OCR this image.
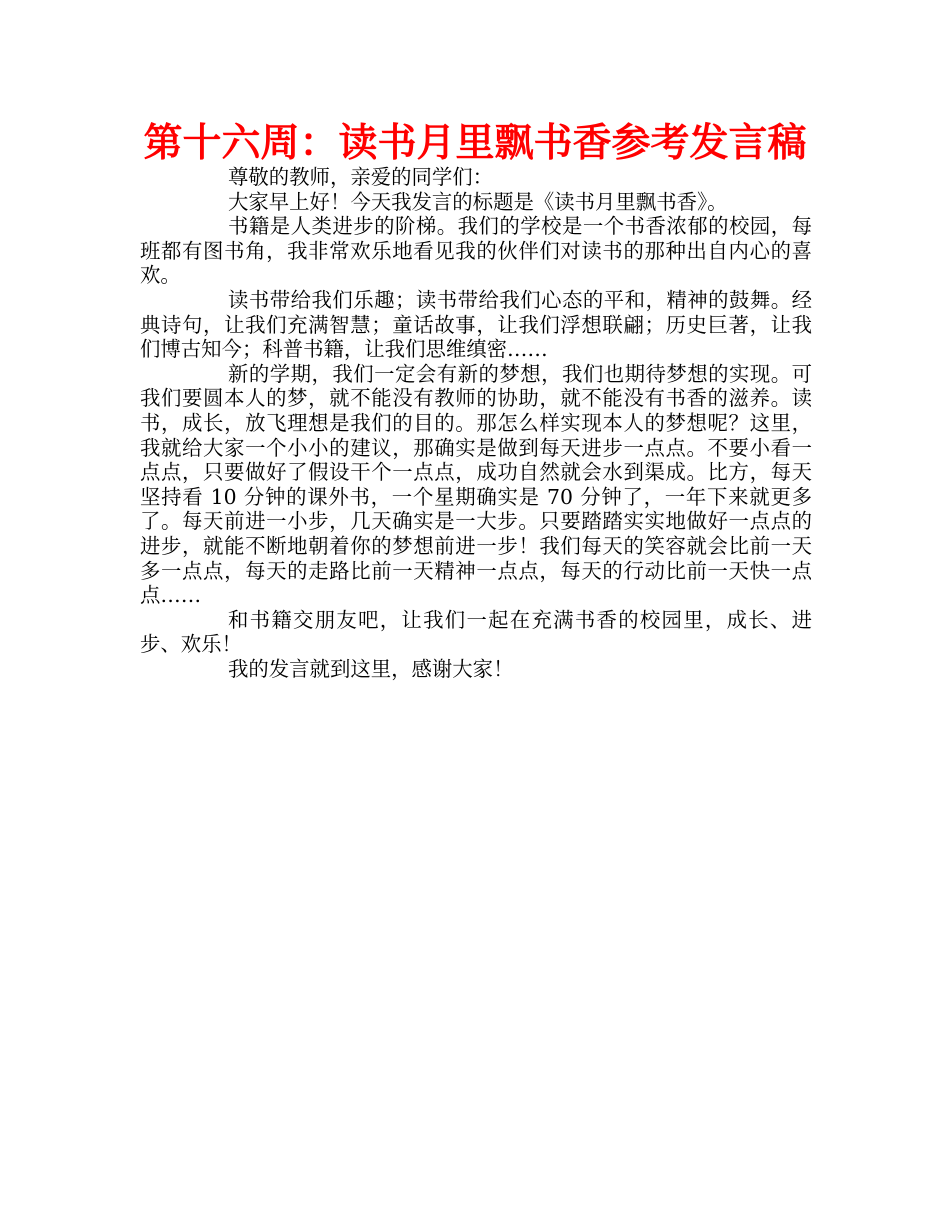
第十六周：读书月里飘书香参考发言稿

尊敬的教师，亲爱的同学们：

大家早上好！今天我发言的标题是《读书月里飘书香》。

书籍是人类进步的阶梯。我们的学校是一个书香浓郁的校园，每班都有图书角，我非常欢乐地看见我的伙伴们对读书的那种出自内心的喜欢。

读书带给我们乐趣；读书带给我们心态的平和，精神的鼓舞。经典诗句，让我们充满智慧；童话故事，让我们浮想联翩；历史巨著，让我们博古知今；科普书籍，让我们思维缜密……

新的学期，我们一定会有新的梦想，我们也期待梦想的实现。可我们要圆本人的梦，就不能没有教师的协助，就不能没有书香的滋养。读书，成长，放飞理想是我们的目的。那怎么样实现本人的梦想呢？这里，我就给大家一个小小的建议，那确实是做到每天进步一点点。不要小看一点点，只要做好了假设干个一点点，成功自然就会水到渠成。比方，每天坚持看 10 分钟的课外书，一个星期确实是 70 分钟了，一年下来就更多了。每天前进一小步，几天确实是一大步。只要踏踏实实地做好一点点的进步，就能不断地朝着你的梦想前进一步！我们每天的笑容就会比前一天多一点点，每天的走路比前一天精神一点点，每天的行动比前一天快一点点……

和书籍交朋友吧，让我们一起在充满书香的校园里，成长、进步、欢乐！

我的发言就到这里，感谢大家！
